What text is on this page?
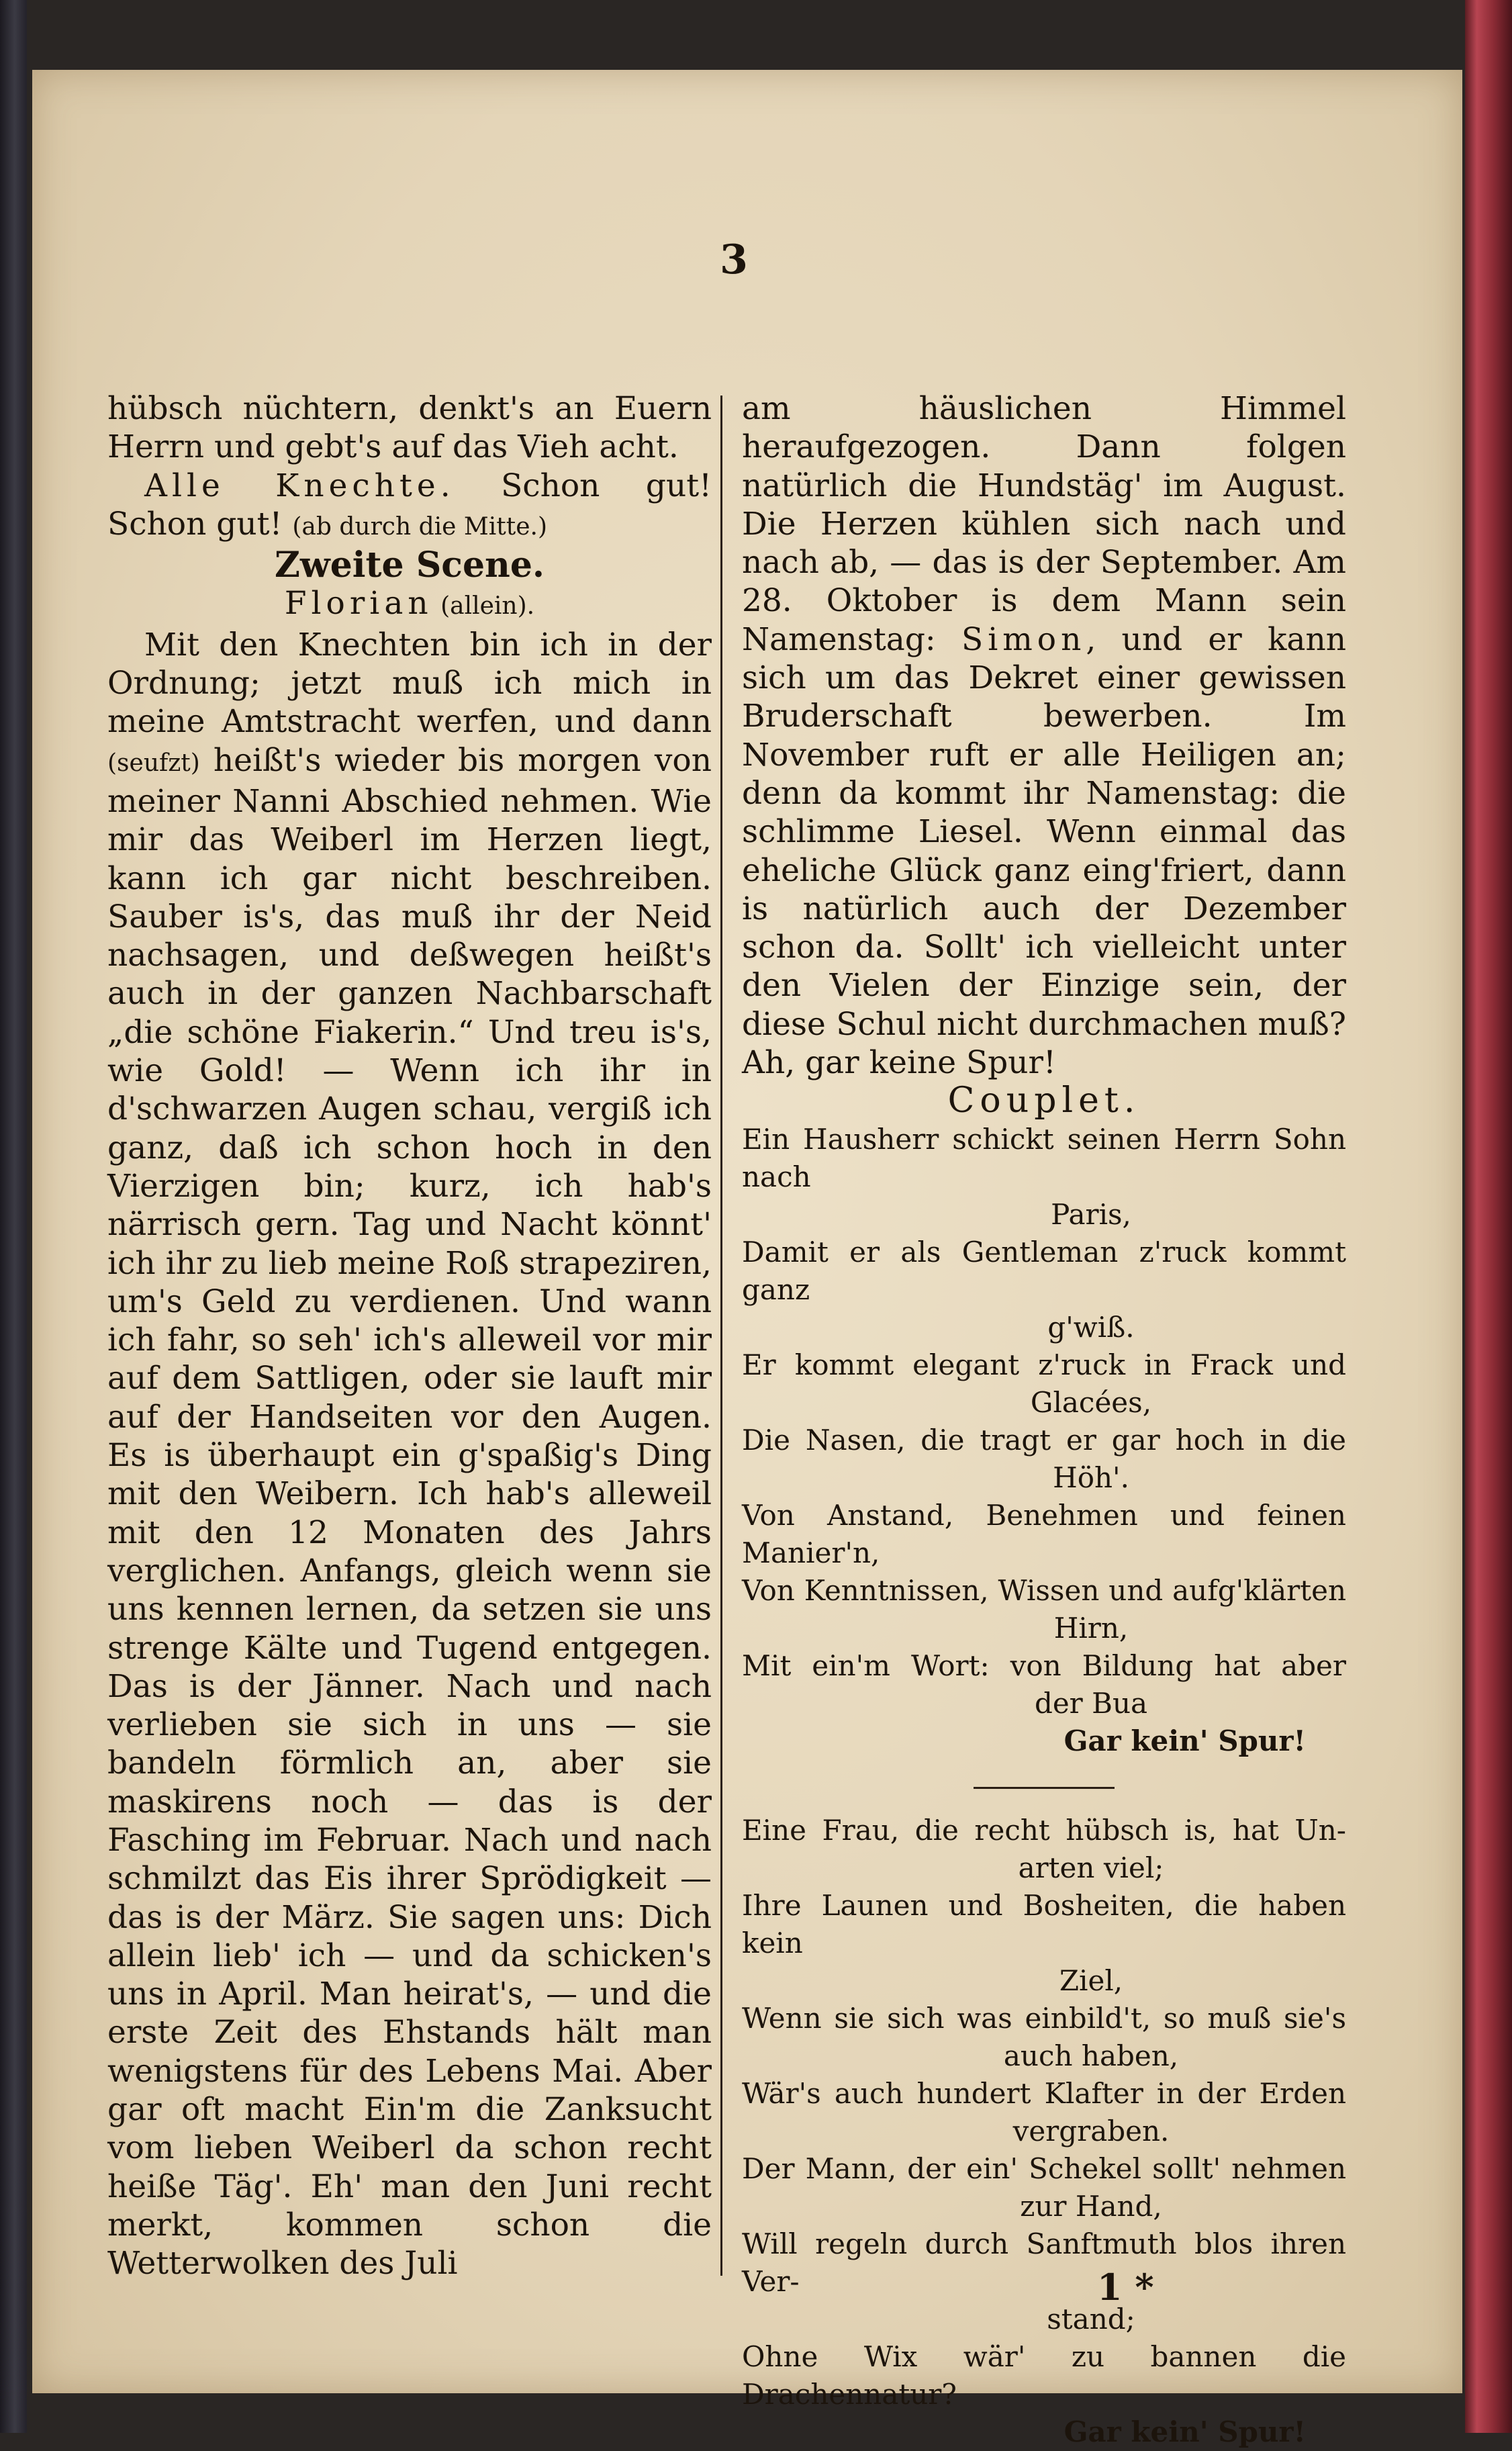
3

hübsch nüchtern, denkt's an Euern Herrn und gebt's auf das Vieh acht.

Alle Knechte. Schon gut! Schon gut! (ab durch die Mitte.)

Zweite Scene.

Florian (allein).

Mit den Knechten bin ich in der Ordnung; jetzt muß ich mich in meine Amtstracht werfen, und dann (seufzt) heißt's wieder bis morgen von meiner Nanni Abschied nehmen. Wie mir das Weiberl im Herzen liegt, kann ich gar nicht beschreiben. Sauber is's, das muß ihr der Neid nachsagen, und deßwegen heißt's auch in der ganzen Nachbarschaft „die schöne Fiakerin.“ Und treu is's, wie Gold! — Wenn ich ihr in d'schwarzen Augen schau, vergiß ich ganz, daß ich schon hoch in den Vierzigen bin; kurz, ich hab's närrisch gern. Tag und Nacht könnt' ich ihr zu lieb meine Roß strapeziren, um's Geld zu verdienen. Und wann ich fahr, so seh' ich's alleweil vor mir auf dem Sattligen, oder sie lauft mir auf der Handseiten vor den Augen. Es is überhaupt ein g'spaßig's Ding mit den Weibern. Ich hab's alleweil mit den 12 Monaten des Jahrs verglichen. Anfangs, gleich wenn sie uns kennen lernen, da setzen sie uns strenge Kälte und Tugend entgegen. Das is der Jänner. Nach und nach verlieben sie sich in uns — sie bandeln förmlich an, aber sie maskirens noch — das is der Fasching im Februar. Nach und nach schmilzt das Eis ihrer Sprödigkeit — das is der März. Sie sagen uns: Dich allein lieb' ich — und da schicken's uns in April. Man heirat's, — und die erste Zeit des Ehstands hält man wenigstens für des Lebens Mai. Aber gar oft macht Ein'm die Zanksucht vom lieben Weiberl da schon recht heiße Täg'. Eh' man den Juni recht merkt, kommen schon die Wetterwolken des Juli

am häuslichen Himmel heraufgezogen. Dann folgen natürlich die Hundstäg' im August. Die Herzen kühlen sich nach und nach ab, — das is der September. Am 28. Oktober is dem Mann sein Namenstag: Simon, und er kann sich um das Dekret einer gewissen Bruderschaft bewerben. Im November ruft er alle Heiligen an; denn da kommt ihr Namenstag: die schlimme Liesel. Wenn einmal das eheliche Glück ganz eing'friert, dann is natürlich auch der Dezember schon da. Sollt' ich vielleicht unter den Vielen der Einzige sein, der diese Schul nicht durchmachen muß? Ah, gar keine Spur!

Couplet.

Ein Hausherr schickt seinen Herrn Sohn nach
Paris,
Damit er als Gentleman z'ruck kommt ganz
g'wiß.
Er kommt elegant z'ruck in Frack und
Glacées,
Die Nasen, die tragt er gar hoch in die
Höh'.
Von Anstand, Benehmen und feinen Manier'n,
Von Kenntnissen, Wissen und aufg'klärten
Hirn,
Mit ein'm Wort: von Bildung hat aber
der Bua
Gar kein' Spur!
Eine Frau, die recht hübsch is, hat Un-
arten viel;
Ihre Launen und Bosheiten, die haben kein
Ziel,
Wenn sie sich was einbild't, so muß sie's
auch haben,
Wär's auch hundert Klafter in der Erden
vergraben.
Der Mann, der ein' Schekel sollt' nehmen
zur Hand,
Will regeln durch Sanftmuth blos ihren Ver-
stand;
Ohne Wix wär' zu bannen die Drachennatur?
Gar kein' Spur!

1 *
